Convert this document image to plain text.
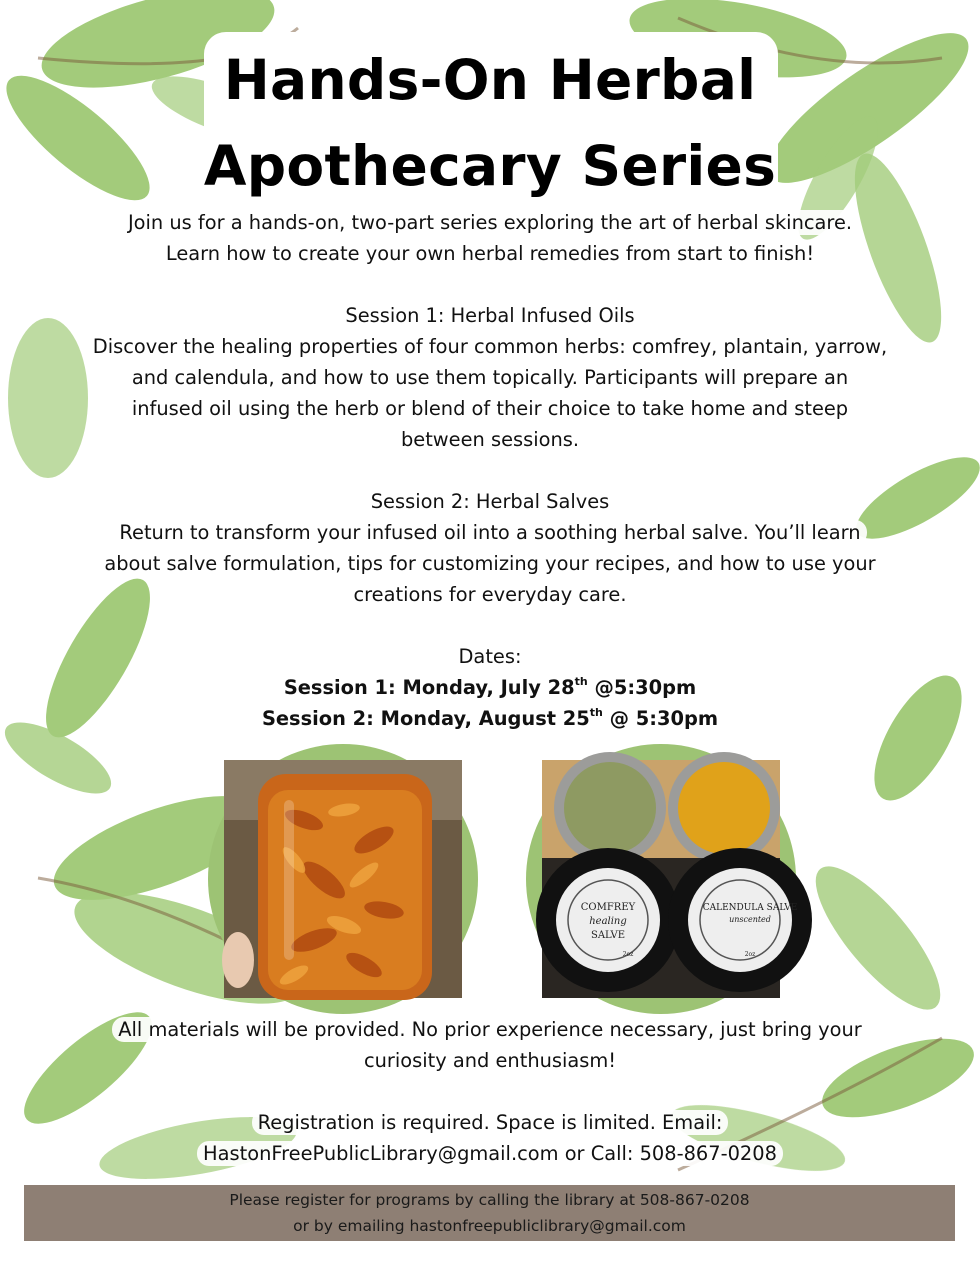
Hands-On Herbal
Apothecary Series
Join us for a hands-on, two-part series exploring the art of herbal skincare.
Learn how to create your own herbal remedies from start to finish!
Session 1: Herbal Infused Oils
Discover the healing properties of four common herbs: comfrey, plantain, yarrow,
and calendula, and how to use them topically. Participants will prepare an
infused oil using the herb or blend of their choice to take home and steep
between sessions.
Session 2: Herbal Salves
Return to transform your infused oil into a soothing herbal salve. You’ll learn
about salve formulation, tips for customizing your recipes, and how to use your
creations for everyday care.
Dates:
Session 1: Monday, July 28th @5:30pm
Session 2: Monday, August 25th @ 5:30pm
COMFREY
healing
SALVE
2oz
CALENDULA SALVE
unscented
2oz
All materials will be provided. No prior experience necessary, just bring your
curiosity and enthusiasm!
Registration is required. Space is limited. Email:
HastonFreePublicLibrary@gmail.com or Call: 508-867-0208
Please register for programs by calling the library at 508-867-0208
or by emailing hastonfreepubliclibrary@gmail.com
